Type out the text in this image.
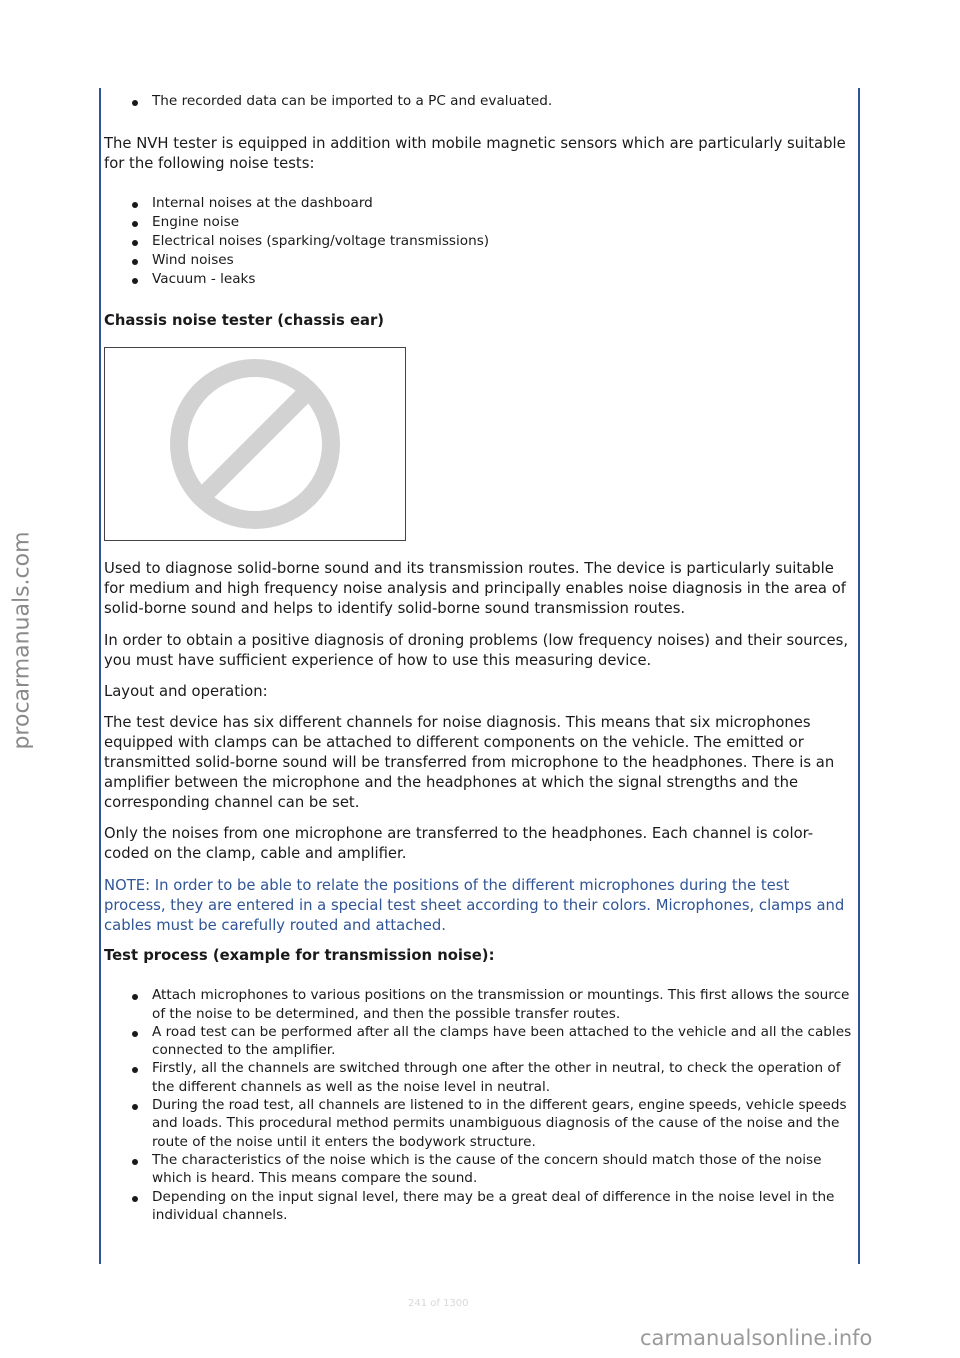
procarmanuals.com
The recorded data can be imported to a PC and evaluated.

The NVH tester is equipped in addition with mobile magnetic sensors which are particularly suitable for the following noise tests:

Internal noises at the dashboard
Engine noise
Electrical noises (sparking/voltage transmissions)
Wind noises
Vacuum - leaks

Chassis noise tester (chassis ear)

Used to diagnose solid-borne sound and its transmission routes. The device is particularly suitable for medium and high frequency noise analysis and principally enables noise diagnosis in the area of solid-borne sound and helps to identify solid-borne sound transmission routes.

In order to obtain a positive diagnosis of droning problems (low frequency noises) and their sources, you must have sufficient experience of how to use this measuring device.

Layout and operation:

The test device has six different channels for noise diagnosis. This means that six microphones equipped with clamps can be attached to different components on the vehicle. The emitted or transmitted solid-borne sound will be transferred from microphone to the headphones. There is an amplifier between the microphone and the headphones at which the signal strengths and the corresponding channel can be set.

Only the noises from one microphone are transferred to the headphones. Each channel is color-coded on the clamp, cable and amplifier.

NOTE: In order to be able to relate the positions of the different microphones during the test process, they are entered in a special test sheet according to their colors. Microphones, clamps and cables must be carefully routed and attached.

Test process (example for transmission noise):

Attach microphones to various positions on the transmission or mountings. This first allows the source of the noise to be determined, and then the possible transfer routes.
A road test can be performed after all the clamps have been attached to the vehicle and all the cables connected to the amplifier.
Firstly, all the channels are switched through one after the other in neutral, to check the operation of the different channels as well as the noise level in neutral.
During the road test, all channels are listened to in the different gears, engine speeds, vehicle speeds and loads. This procedural method permits unambiguous diagnosis of the cause of the noise and the route of the noise until it enters the bodywork structure.
The characteristics of the noise which is the cause of the concern should match those of the noise which is heard. This means compare the sound.
Depending on the input signal level, there may be a great deal of difference in the noise level in the individual channels.
241 of 1300
carmanualsonline.info
